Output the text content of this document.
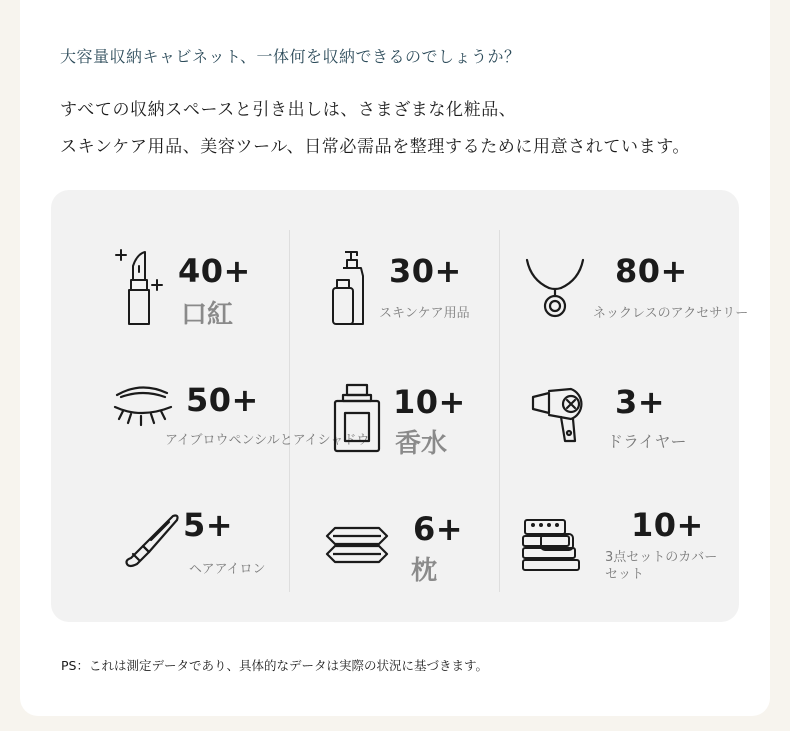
大容量収納キャビネット、一体何を収納できるのでしょうか？
すべての収納スペースと引き出しは、さまざまな化粧品、
スキンケア用品、美容ツール、日常必需品を整理するために用意されています。
40+
口紅
30+
スキンケア用品
80+
ネックレスのアクセサリー
50+
アイブロウペンシルとアイシャドウ
10+
香水
3+
ドライヤー
5+
ヘアアイロン
6+
枕
10+
3点セットのカバー
セット
PS：これは測定データであり、具体的なデータは実際の状況に基づきます。
